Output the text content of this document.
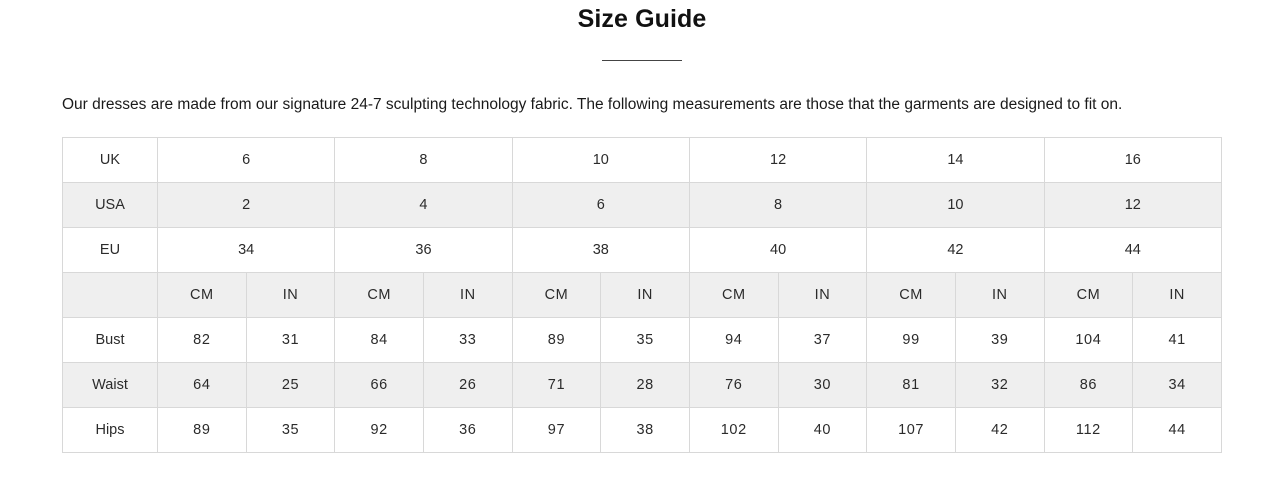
Size Guide

Our dresses are made from our signature 24-7 sculpting technology fabric. The following measurements are those that the garments are designed to fit on.

UK	6		8		10		12		14		16	
USA	2		4		6		8		10		12	
EU	34		36		38		40		42		44	
	CM	IN	CM	IN	CM	IN	CM	IN	CM	IN	CM	IN
Bust	82	31	84	33	89	35	94	37	99	39	104	41
Waist	64	25	66	26	71	28	76	30	81	32	86	34
Hips	89	35	92	36	97	38	102	40	107	42	112	44
